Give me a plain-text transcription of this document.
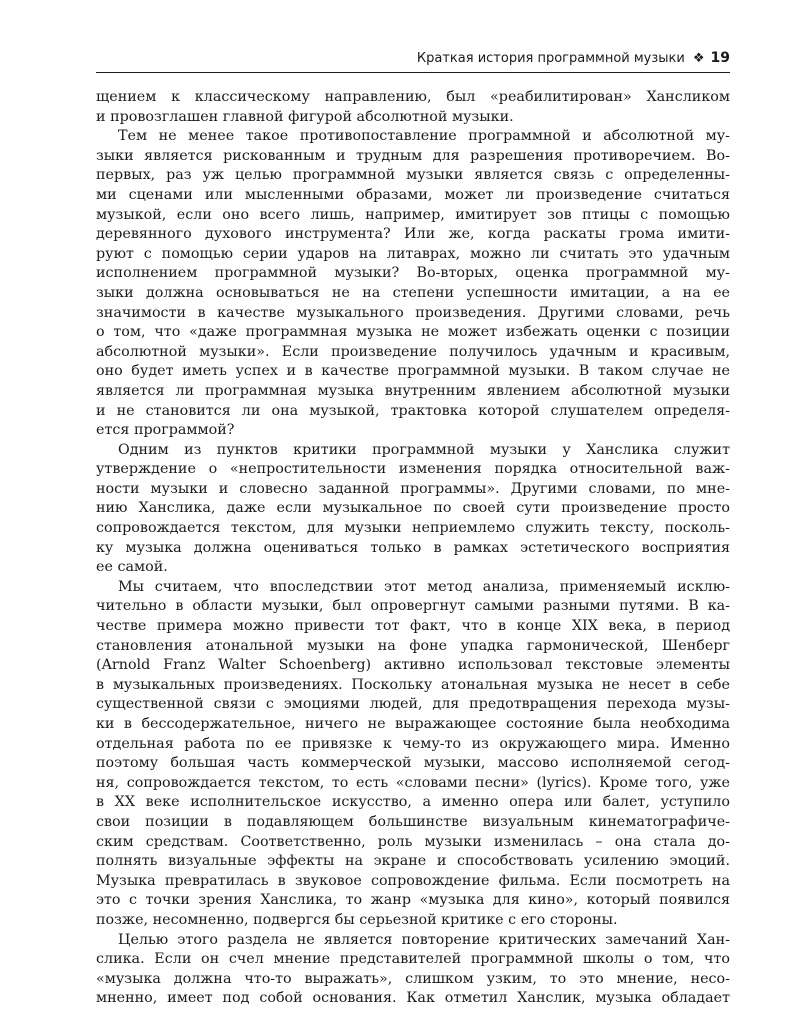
Краткая история программной музыки ❖ 19
щением к классическому направлению, был «реабилитирован» Хансликом
и провозглашен главной фигурой абсолютной музыки.
Тем не менее такое противопоставление программной и абсолютной му-
зыки является рискованным и трудным для разрешения противоречием. Во-
первых, раз уж целью программной музыки является связь с определенны-
ми сценами или мысленными образами, может ли произведение считаться
музыкой, если оно всего лишь, например, имитирует зов птицы с помощью
деревянного духового инструмента? Или же, когда раскаты грома имити-
руют с помощью серии ударов на литаврах, можно ли считать это удачным
исполнением программной музыки? Во-вторых, оценка программной му-
зыки должна основываться не на степени успешности имитации, а на ее
значимости в качестве музыкального произведения. Другими словами, речь
о том, что «даже программная музыка не может избежать оценки с позиции
абсолютной музыки». Если произведение получилось удачным и красивым,
оно будет иметь успех и в качестве программной музыки. В таком случае не
является ли программная музыка внутренним явлением абсолютной музыки
и не становится ли она музыкой, трактовка которой слушателем определя-
ется программой?
Одним из пунктов критики программной музыки у Ханслика служит
утверждение о «непростительности изменения порядка относительной важ-
ности музыки и словесно заданной программы». Другими словами, по мне-
нию Ханслика, даже если музыкальное по своей сути произведение просто
сопровождается текстом, для музыки неприемлемо служить тексту, посколь-
ку музыка должна оцениваться только в рамках эстетического восприятия
ее самой.
Мы считаем, что впоследствии этот метод анализа, применяемый исклю-
чительно в области музыки, был опровергнут самыми разными путями. В ка-
честве примера можно привести тот факт, что в конце XIX века, в период
становления атональной музыки на фоне упадка гармонической, Шенберг
(Arnold Franz Walter Schoenberg) активно использовал текстовые элементы
в музыкальных произведениях. Поскольку атональная музыка не несет в себе
существенной связи с эмоциями людей, для предотвращения перехода музы-
ки в бессодержательное, ничего не выражающее состояние была необходима
отдельная работа по ее привязке к чему-то из окружающего мира. Именно
поэтому большая часть коммерческой музыки, массово исполняемой сегод-
ня, сопровождается текстом, то есть «словами песни» (lyrics). Кроме того, уже
в XX веке исполнительское искусство, а именно опера или балет, уступило
свои позиции в подавляющем большинстве визуальным кинематографиче-
ским средствам. Соответственно, роль музыки изменилась – она стала до-
полнять визуальные эффекты на экране и способствовать усилению эмоций.
Музыка превратилась в звуковое сопровождение фильма. Если посмотреть на
это с точки зрения Ханслика, то жанр «музыка для кино», который появился
позже, несомненно, подвергся бы серьезной критике с его стороны.
Целью этого раздела не является повторение критических замечаний Хан-
слика. Если он счел мнение представителей программной школы о том, что
«музыка должна что-то выражать», слишком узким, то это мнение, несо-
мненно, имеет под собой основания. Как отметил Ханслик, музыка обладает
